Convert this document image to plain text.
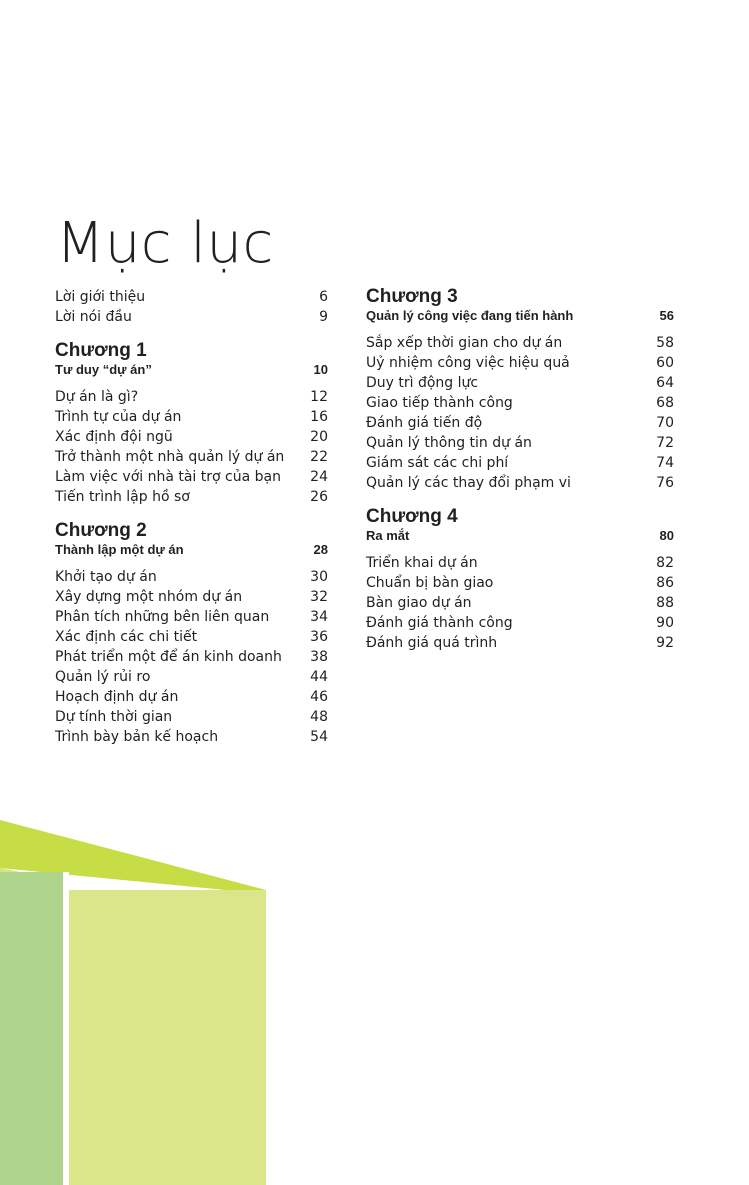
Mục lục
Lời giới thiệu	6
Lời nói đầu	9
Chương 1
Tư duy “dự án”	10
Dự án là gì?	12
Trình tự của dự án	16
Xác định đội ngũ	20
Trở thành một nhà quản lý dự án	22
Làm việc với nhà tài trợ của bạn	24
Tiến trình lập hồ sơ	26
Chương 2
Thành lập một dự án	28
Khởi tạo dự án	30
Xây dựng một nhóm dự án	32
Phân tích những bên liên quan	34
Xác định các chi tiết	36
Phát triển một để án kinh doanh	38
Quản lý rủi ro	44
Hoạch định dự án	46
Dự tính thời gian	48
Trình bày bản kế hoạch	54
Chương 3
Quản lý công việc đang tiến hành	56
Sắp xếp thời gian cho dự án	58
Uỷ nhiệm công việc hiệu quả	60
Duy trì động lực	64
Giao tiếp thành công	68
Đánh giá tiến độ	70
Quản lý thông tin dự án	72
Giám sát các chi phí	74
Quản lý các thay đổi phạm vi	76
Chương 4
Ra mắt	80
Triển khai dự án	82
Chuẩn bị bàn giao	86
Bàn giao dự án	88
Đánh giá thành công	90
Đánh giá quá trình	92
